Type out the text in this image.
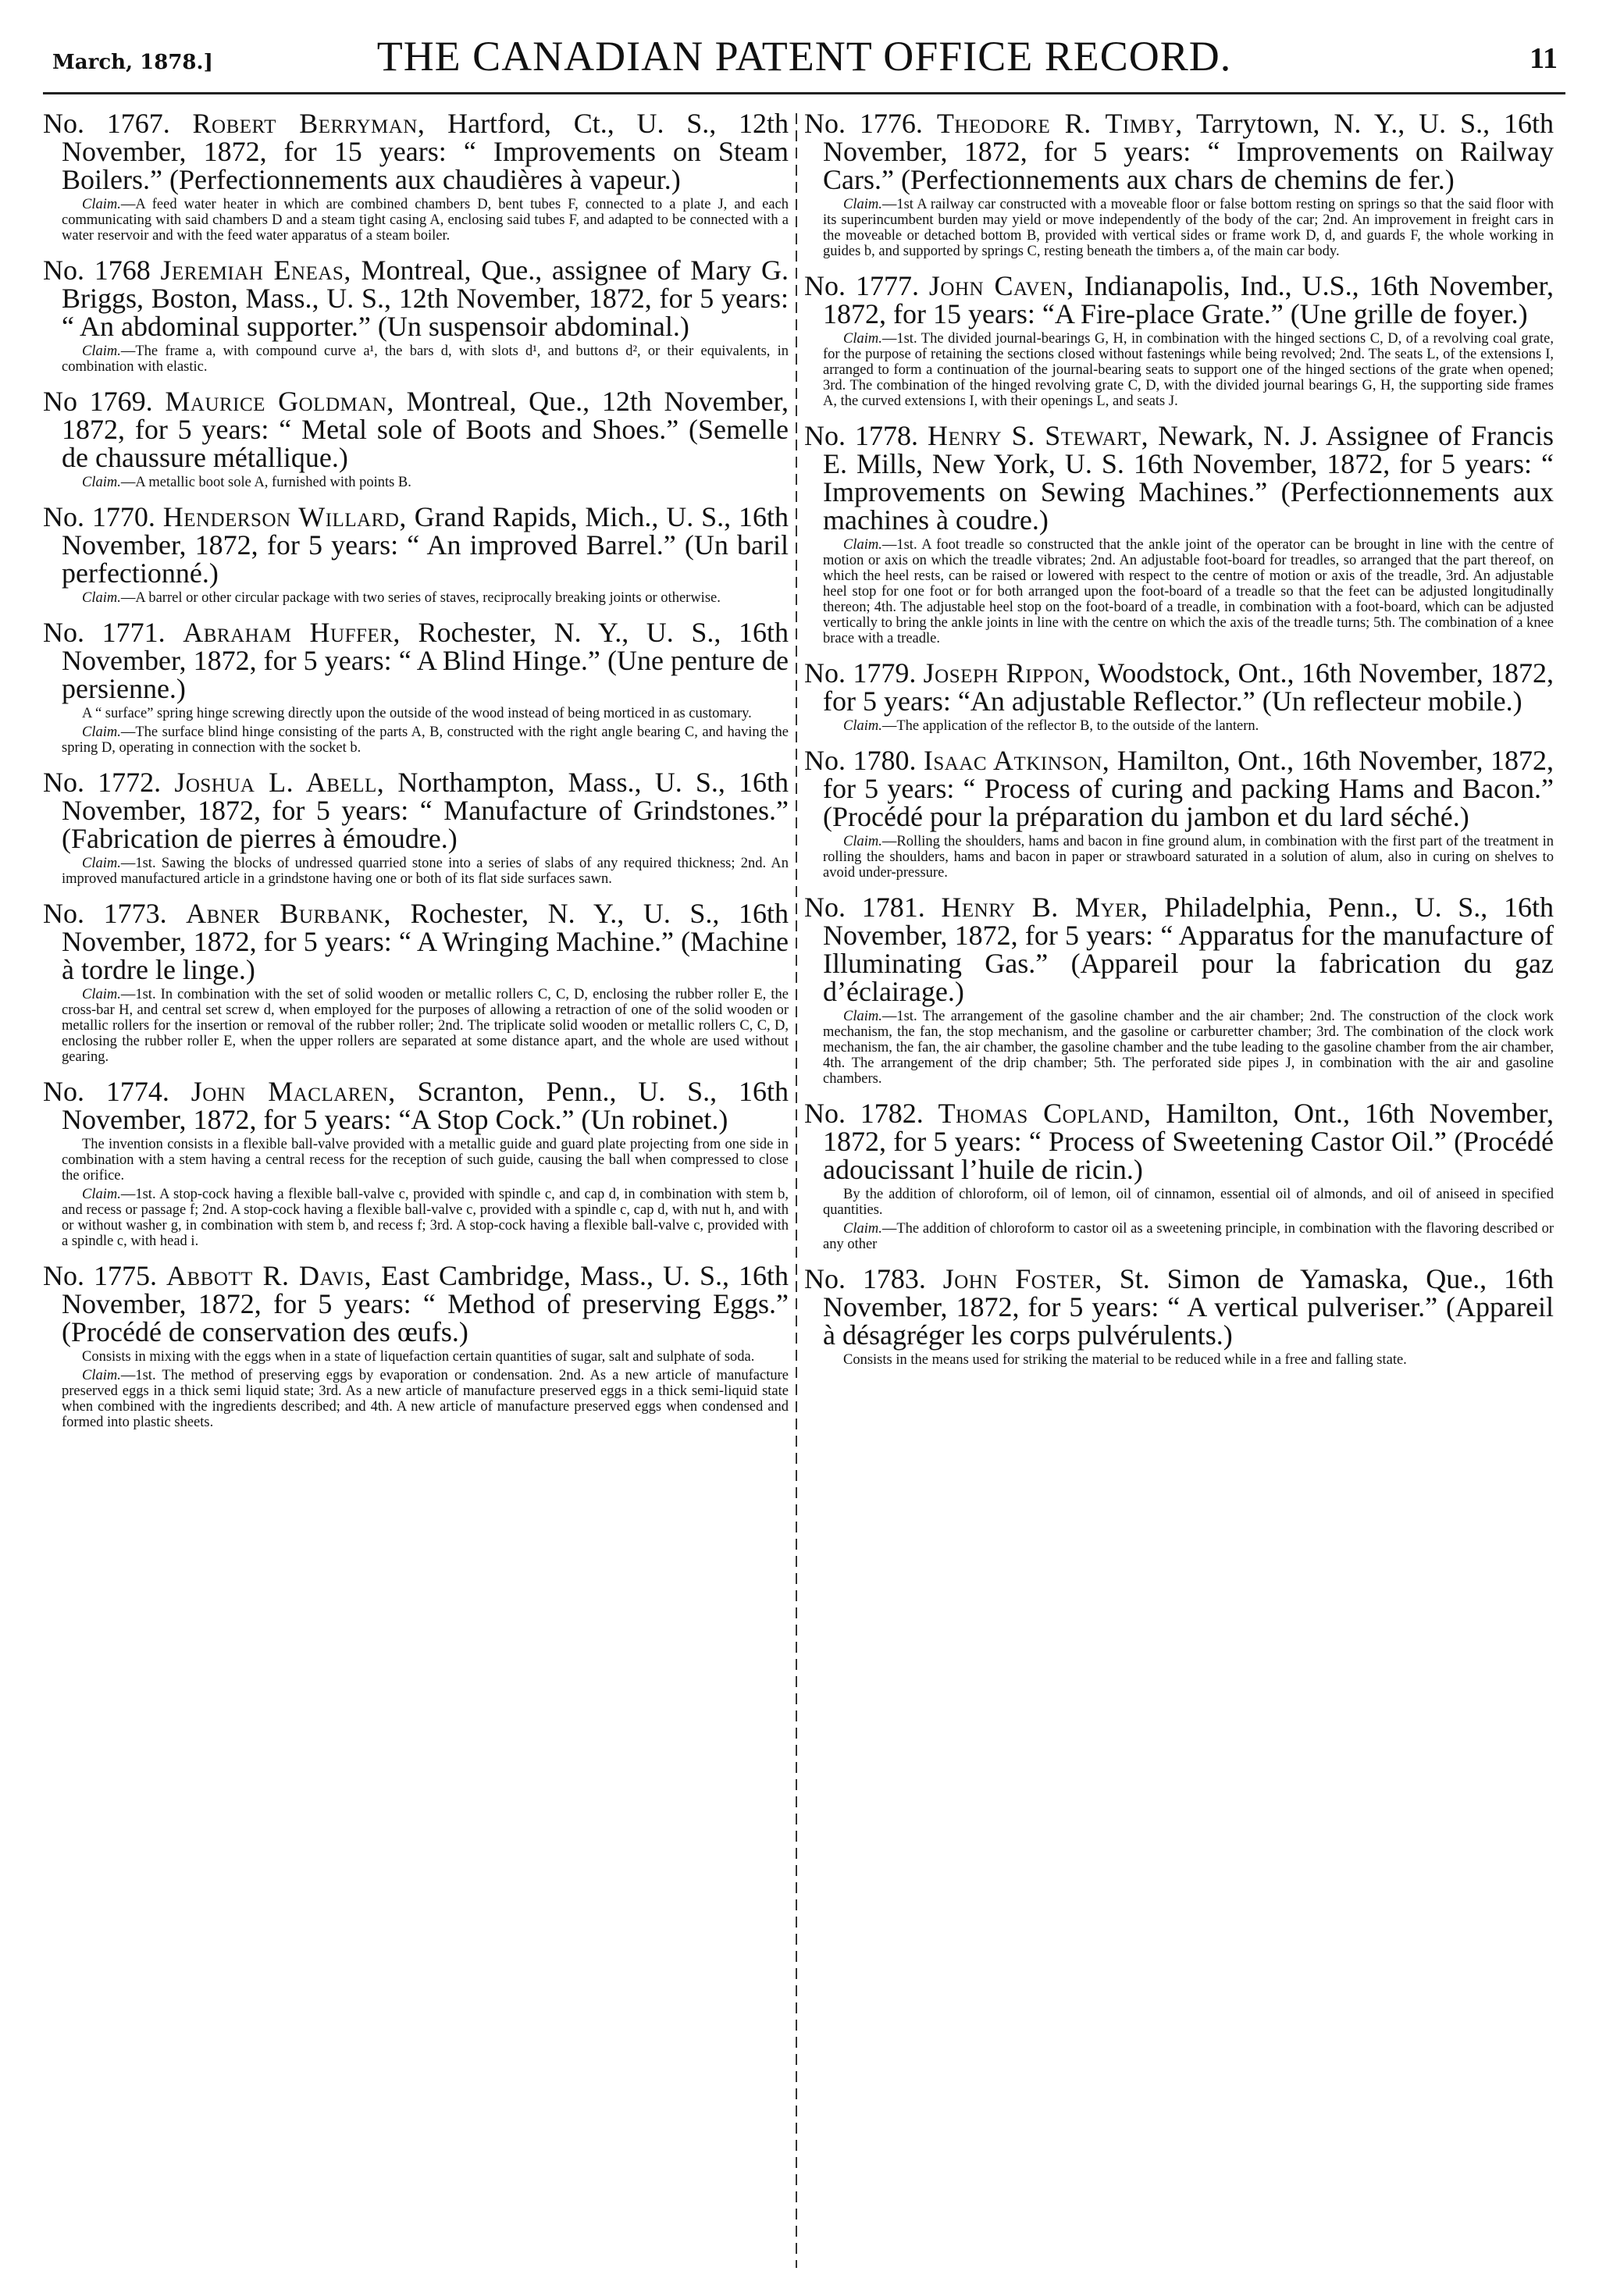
March, 1878.]	THE CANADIAN PATENT OFFICE RECORD.	11

No. 1767. Robert Berryman, Hartford, Ct., U. S., 12th November, 1872, for 15 years: “ Improvements on Steam Boilers.” (Perfectionnements aux chaudières à vapeur.)

Claim.—A feed water heater in which are combined chambers D, bent tubes F, connected to a plate J, and each communicating with said chambers D and a steam tight casing A, enclosing said tubes F, and adapted to be connected with a water reservoir and with the feed water apparatus of a steam boiler.

No. 1768 Jeremiah Eneas, Montreal, Que., assignee of Mary G. Briggs, Boston, Mass., U. S., 12th November, 1872, for 5 years: “ An abdominal supporter.” (Un suspensoir abdominal.)

Claim.—The frame a, with compound curve a¹, the bars d, with slots d¹, and buttons d², or their equivalents, in combination with elastic.

No 1769. Maurice Goldman, Montreal, Que., 12th November, 1872, for 5 years: “ Metal sole of Boots and Shoes.” (Semelle de chaussure métallique.)

Claim.—A metallic boot sole A, furnished with points B.

No. 1770. Henderson Willard, Grand Rapids, Mich., U. S., 16th November, 1872, for 5 years: “ An improved Barrel.” (Un baril perfectionné.)

Claim.—A barrel or other circular package with two series of staves, reciprocally breaking joints or otherwise.

No. 1771. Abraham Huffer, Rochester, N. Y., U. S., 16th November, 1872, for 5 years: “ A Blind Hinge.” (Une penture de persienne.)

A “ surface” spring hinge screwing directly upon the outside of the wood instead of being morticed in as customary.

Claim.—The surface blind hinge consisting of the parts A, B, constructed with the right angle bearing C, and having the spring D, operating in connection with the socket b.

No. 1772. Joshua L. Abell, Northampton, Mass., U. S., 16th November, 1872, for 5 years: “ Manufacture of Grindstones.” (Fabrication de pierres à émoudre.)

Claim.—1st. Sawing the blocks of undressed quarried stone into a series of slabs of any required thickness; 2nd. An improved manufactured article in a grindstone having one or both of its flat side surfaces sawn.

No. 1773. Abner Burbank, Rochester, N. Y., U. S., 16th November, 1872, for 5 years: “ A Wringing Machine.” (Machine à tordre le linge.)

Claim.—1st. In combination with the set of solid wooden or metallic rollers C, C, D, enclosing the rubber roller E, the cross-bar H, and central set screw d, when employed for the purposes of allowing a retraction of one of the solid wooden or metallic rollers for the insertion or removal of the rubber roller; 2nd. The triplicate solid wooden or metallic rollers C, C, D, enclosing the rubber roller E, when the upper rollers are separated at some distance apart, and the whole are used without gearing.

No. 1774. John Maclaren, Scranton, Penn., U. S., 16th November, 1872, for 5 years: “A Stop Cock.” (Un robinet.)

The invention consists in a flexible ball-valve provided with a metallic guide and guard plate projecting from one side in combination with a stem having a central recess for the reception of such guide, causing the ball when compressed to close the orifice.

Claim.—1st. A stop-cock having a flexible ball-valve c, provided with spindle c, and cap d, in combination with stem b, and recess or passage f; 2nd. A stop-cock having a flexible ball-valve c, provided with a spindle c, cap d, with nut h, and with or without washer g, in combination with stem b, and recess f; 3rd. A stop-cock having a flexible ball-valve c, provided with a spindle c, with head i.

No. 1775. Abbott R. Davis, East Cambridge, Mass., U. S., 16th November, 1872, for 5 years: “ Method of preserving Eggs.” (Procédé de conservation des œufs.)

Consists in mixing with the eggs when in a state of liquefaction certain quantities of sugar, salt and sulphate of soda.

Claim.—1st. The method of preserving eggs by evaporation or condensation. 2nd. As a new article of manufacture preserved eggs in a thick semi liquid state; 3rd. As a new article of manufacture preserved eggs in a thick semi-liquid state when combined with the ingredients described; and 4th. A new article of manufacture preserved eggs when condensed and formed into plastic sheets.

No. 1776. Theodore R. Timby, Tarrytown, N. Y., U. S., 16th November, 1872, for 5 years: “ Improvements on Railway Cars.” (Perfectionnements aux chars de chemins de fer.)

Claim.—1st A railway car constructed with a moveable floor or false bottom resting on springs so that the said floor with its superincumbent burden may yield or move independently of the body of the car; 2nd. An improvement in freight cars in the moveable or detached bottom B, provided with vertical sides or frame work D, d, and guards F, the whole working in guides b, and supported by springs C, resting beneath the timbers a, of the main car body.

No. 1777. John Caven, Indianapolis, Ind., U.S., 16th November, 1872, for 15 years: “A Fire-place Grate.” (Une grille de foyer.)

Claim.—1st. The divided journal-bearings G, H, in combination with the hinged sections C, D, of a revolving coal grate, for the purpose of retaining the sections closed without fastenings while being revolved; 2nd. The seats L, of the extensions I, arranged to form a continuation of the journal-bearing seats to support one of the hinged sections of the grate when opened; 3rd. The combination of the hinged revolving grate C, D, with the divided journal bearings G, H, the supporting side frames A, the curved extensions I, with their openings L, and seats J.

No. 1778. Henry S. Stewart, Newark, N. J. Assignee of Francis E. Mills, New York, U. S. 16th November, 1872, for 5 years: “ Improvements on Sewing Machines.” (Perfectionnements aux machines à coudre.)

Claim.—1st. A foot treadle so constructed that the ankle joint of the operator can be brought in line with the centre of motion or axis on which the treadle vibrates; 2nd. An adjustable foot-board for treadles, so arranged that the part thereof, on which the heel rests, can be raised or lowered with respect to the centre of motion or axis of the treadle, 3rd. An adjustable heel stop for one foot or for both arranged upon the foot-board of a treadle so that the feet can be adjusted longitudinally thereon; 4th. The adjustable heel stop on the foot-board of a treadle, in combination with a foot-board, which can be adjusted vertically to bring the ankle joints in line with the centre on which the axis of the treadle turns; 5th. The combination of a knee brace with a treadle.

No. 1779. Joseph Rippon, Woodstock, Ont., 16th November, 1872, for 5 years: “An adjustable Reflector.” (Un reflecteur mobile.)

Claim.—The application of the reflector B, to the outside of the lantern.

No. 1780. Isaac Atkinson, Hamilton, Ont., 16th November, 1872, for 5 years: “ Process of curing and packing Hams and Bacon.” (Procédé pour la préparation du jambon et du lard séché.)

Claim.—Rolling the shoulders, hams and bacon in fine ground alum, in combination with the first part of the treatment in rolling the shoulders, hams and bacon in paper or strawboard saturated in a solution of alum, also in curing on shelves to avoid under-pressure.

No. 1781. Henry B. Myer, Philadelphia, Penn., U. S., 16th November, 1872, for 5 years: “ Apparatus for the manufacture of Illuminating Gas.” (Appareil pour la fabrication du gaz d’éclairage.)

Claim.—1st. The arrangement of the gasoline chamber and the air chamber; 2nd. The construction of the clock work mechanism, the fan, the stop mechanism, and the gasoline or carburetter chamber; 3rd. The combination of the clock work mechanism, the fan, the air chamber, the gasoline chamber and the tube leading to the gasoline chamber from the air chamber, 4th. The arrangement of the drip chamber; 5th. The perforated side pipes J, in combination with the air and gasoline chambers.

No. 1782. Thomas Copland, Hamilton, Ont., 16th November, 1872, for 5 years: “ Process of Sweetening Castor Oil.” (Procédé adoucissant l’huile de ricin.)

By the addition of chloroform, oil of lemon, oil of cinnamon, essential oil of almonds, and oil of aniseed in specified quantities.

Claim.—The addition of chloroform to castor oil as a sweetening principle, in combination with the flavoring described or any other

No. 1783. John Foster, St. Simon de Yamaska, Que., 16th November, 1872, for 5 years: “ A vertical pulveriser.” (Appareil à désagréger les corps pulvérulents.)

Consists in the means used for striking the material to be reduced while in a free and falling state.
